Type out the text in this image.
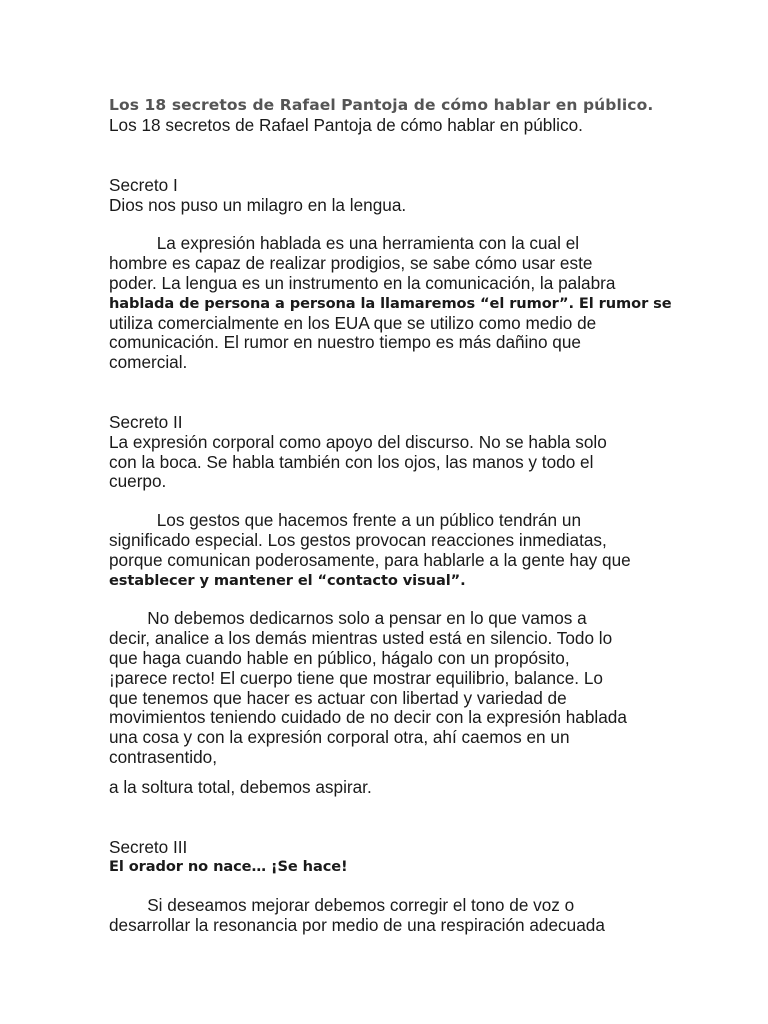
Los 18 secretos de Rafael Pantoja de cómo hablar en público.

Los 18 secretos de Rafael Pantoja de cómo hablar en público.

Secreto I

Dios nos puso un milagro en la lengua.

La expresión hablada es una herramienta con la cual el

hombre es capaz de realizar prodigios, se sabe cómo usar este

poder. La lengua es un instrumento en la comunicación, la palabra

hablada de persona a persona la llamaremos “el rumor”. El rumor se

utiliza comercialmente en los EUA que se utilizo como medio de

comunicación. El rumor en nuestro tiempo es más dañino que

comercial.

Secreto II

La expresión corporal como apoyo del discurso. No se habla solo

con la boca. Se habla también con los ojos, las manos y todo el

cuerpo.

Los gestos que hacemos frente a un público tendrán un

significado especial. Los gestos provocan reacciones inmediatas,

porque comunican poderosamente, para hablarle a la gente hay que

establecer y mantener el “contacto visual”.

No debemos dedicarnos solo a pensar en lo que vamos a

decir, analice a los demás mientras usted está en silencio. Todo lo

que haga cuando hable en público, hágalo con un propósito,

¡parece recto! El cuerpo tiene que mostrar equilibrio, balance. Lo

que tenemos que hacer es actuar con libertad y variedad de

movimientos teniendo cuidado de no decir con la expresión hablada

una cosa y con la expresión corporal otra, ahí caemos en un

contrasentido,

a la soltura total, debemos aspirar.

Secreto III

El orador no nace… ¡Se hace!

Si deseamos mejorar debemos corregir el tono de voz o

desarrollar la resonancia por medio de una respiración adecuada
